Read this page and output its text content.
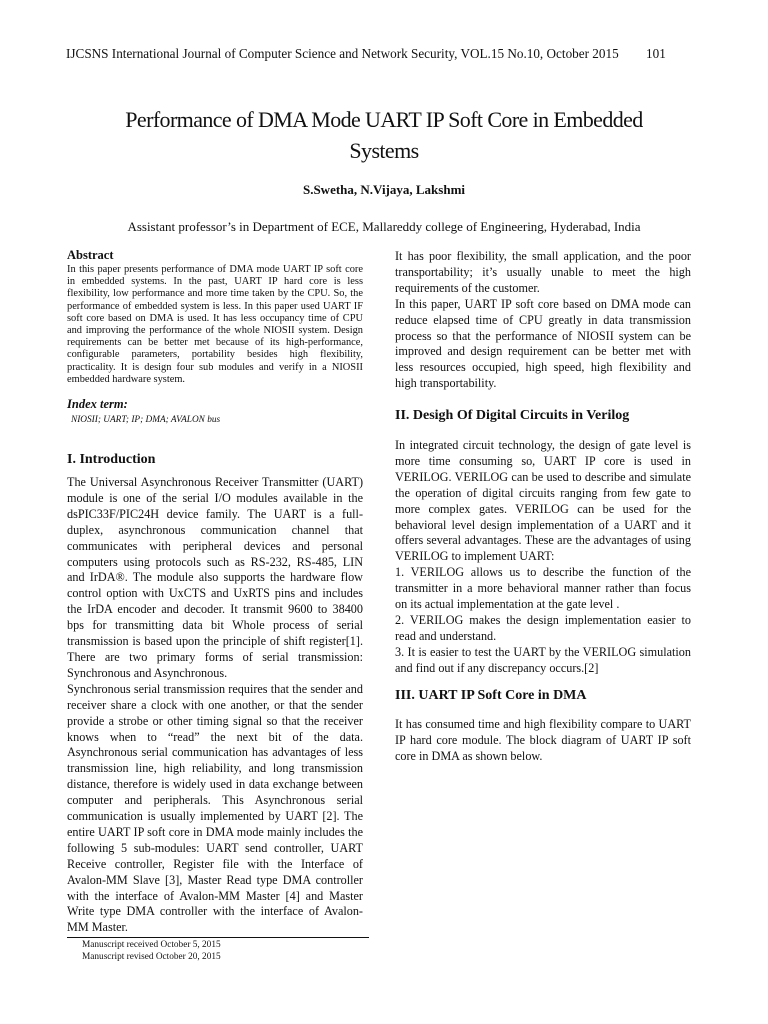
IJCSNS International Journal of Computer Science and Network Security, VOL.15 No.10, October 2015 101
Performance of DMA Mode UART IP Soft Core in Embedded
Systems
S.Swetha, N.Vijaya, Lakshmi
Assistant professor’s in Department of ECE, Mallareddy college of Engineering, Hyderabad, India
Abstract
In this paper presents performance of DMA mode UART IP soft core in embedded systems. In the past, UART IP hard core is less flexibility, low performance and more time taken by the CPU. So, the performance of embedded system is less. In this paper used UART IF soft core based on DMA is used. It has less occupancy time of CPU and improving the performance of the whole NIOSII system. Design requirements can be better met because of its high-performance, configurable parameters, portability besides high flexibility, practicality. It is design four sub modules and verify in a NIOSII embedded hardware system.
Index term:
NIOSII; UART; IP; DMA; AVALON bus
I. Introduction

The Universal Asynchronous Receiver Transmitter (UART) module is one of the serial I/O modules available in the dsPIC33F/PIC24H device family. The UART is a full-duplex, asynchronous communication channel that communicates with peripheral devices and personal computers using protocols such as RS-232, RS-485, LIN and IrDA®. The module also supports the hardware flow control option with UxCTS and UxRTS pins and includes the IrDA encoder and decoder. It transmit 9600 to 38400 bps for transmitting data bit Whole process of serial transmission is based upon the principle of shift register[1]. There are two primary forms of serial transmission: Synchronous and Asynchronous.

Synchronous serial transmission requires that the sender and receiver share a clock with one another, or that the sender provide a strobe or other timing signal so that the receiver knows when to “read” the next bit of the data. Asynchronous serial communication has advantages of less transmission line, high reliability, and long transmission distance, therefore is widely used in data exchange between computer and peripherals. This Asynchronous serial communication is usually implemented by UART [2]. The entire UART IP soft core in DMA mode mainly includes the following 5 sub-modules: UART send controller, UART Receive controller, Register file with the Interface of Avalon-MM Slave [3], Master Read type DMA controller with the interface of Avalon-MM Master [4] and Master Write type DMA controller with the interface of Avalon-MM Master.

It has poor flexibility, the small application, and the poor transportability; it’s usually unable to meet the high requirements of the customer.

In this paper, UART IP soft core based on DMA mode can reduce elapsed time of CPU greatly in data transmission process so that the performance of NIOSII system can be improved and design requirement can be better met with less resources occupied, high speed, high flexibility and high transportability.

II. Desigh Of Digital Circuits in Verilog

In integrated circuit technology, the design of gate level is more time consuming so, UART IP core is used in VERILOG. VERILOG can be used to describe and simulate the operation of digital circuits ranging from few gate to more complex gates. VERILOG can be used for the behavioral level design implementation of a UART and it offers several advantages. These are the advantages of using VERILOG to implement UART:

1. VERILOG allows us to describe the function of the transmitter in a more behavioral manner rather than focus on its actual implementation at the gate level .

2. VERILOG makes the design implementation easier to read and understand.

3. It is easier to test the UART by the VERILOG simulation and find out if any discrepancy occurs.[2]

III. UART IP Soft Core in DMA

It has consumed time and high flexibility compare to UART IP hard core module. The block diagram of UART IP soft core in DMA as shown below.

Manuscript received October 5, 2015
Manuscript revised October 20, 2015
